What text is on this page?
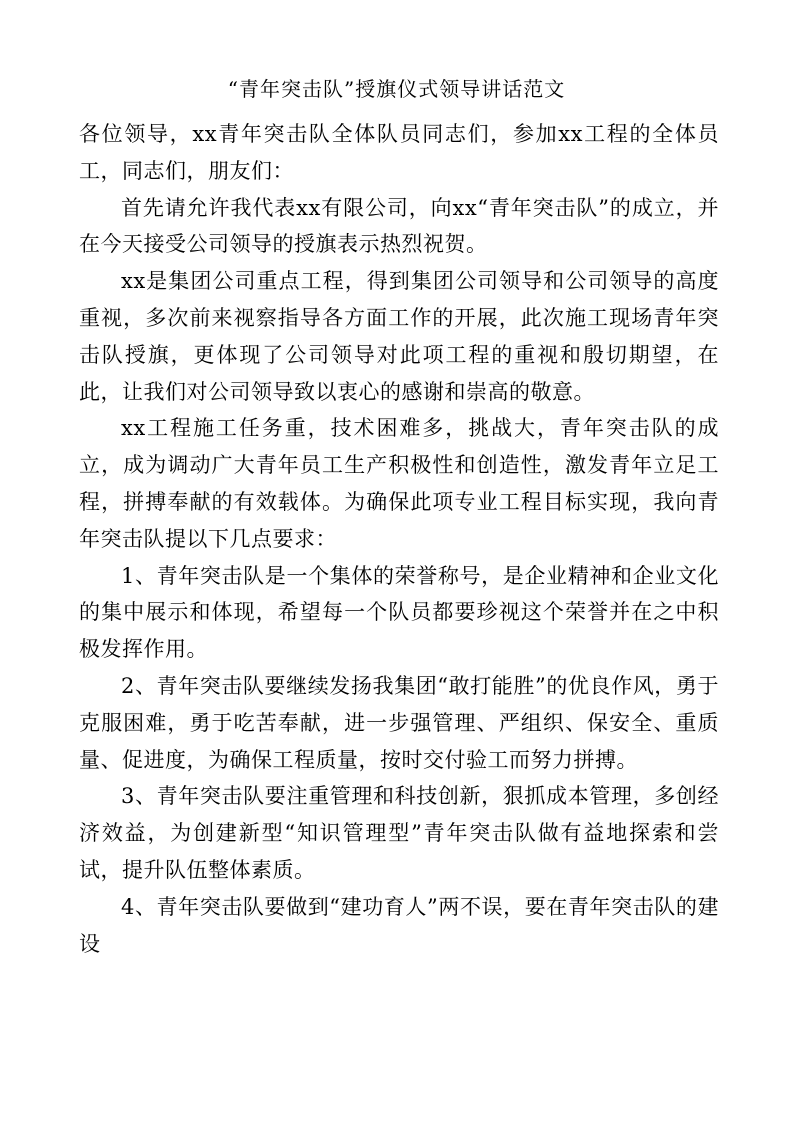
“青年突击队”授旗仪式领导讲话范文

各位领导，xx青年突击队全体队员同志们，参加xx工程的全体员工，同志们，朋友们：

首先请允许我代表xx有限公司，向xx“青年突击队”的成立，并在今天接受公司领导的授旗表示热烈祝贺。

xx是集团公司重点工程，得到集团公司领导和公司领导的高度重视，多次前来视察指导各方面工作的开展，此次施工现场青年突击队授旗，更体现了公司领导对此项工程的重视和殷切期望，在此，让我们对公司领导致以衷心的感谢和崇高的敬意。

xx工程施工任务重，技术困难多，挑战大，青年突击队的成立，成为调动广大青年员工生产积极性和创造性，激发青年立足工程，拼搏奉献的有效载体。为确保此项专业工程目标实现，我向青年突击队提以下几点要求：

1、青年突击队是一个集体的荣誉称号，是企业精神和企业文化的集中展示和体现，希望每一个队员都要珍视这个荣誉并在之中积极发挥作用。

2、青年突击队要继续发扬我集团“敢打能胜”的优良作风，勇于克服困难，勇于吃苦奉献，进一步强管理、严组织、保安全、重质量、促进度，为确保工程质量，按时交付验工而努力拼搏。

3、青年突击队要注重管理和科技创新，狠抓成本管理，多创经济效益，为创建新型“知识管理型”青年突击队做有益地探索和尝试，提升队伍整体素质。

4、青年突击队要做到“建功育人”两不误，要在青年突击队的建设
